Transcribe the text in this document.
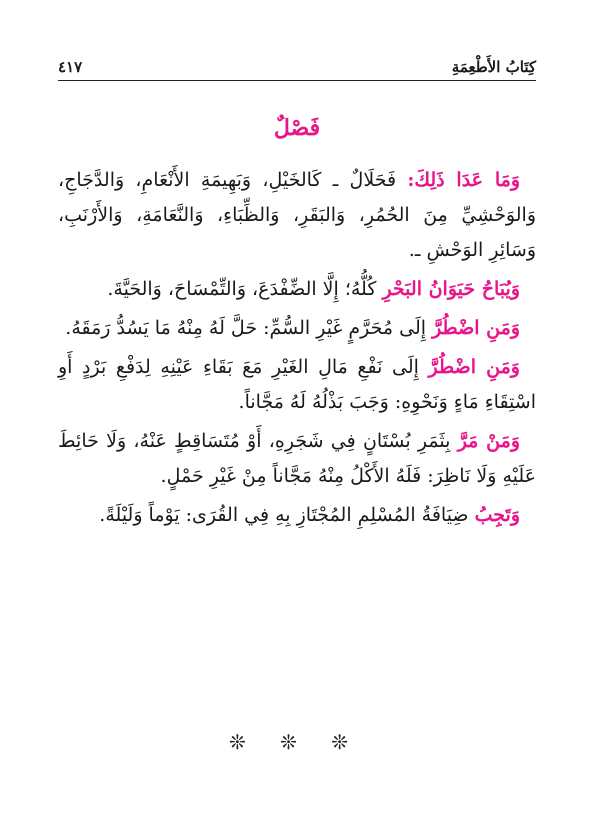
كِتَابُ الأَطْعِمَةِ
٤١٧
فَصْلٌ

وَمَا عَدَا ذَلِكَ: فَحَلَالٌ ـ كَالخَيْلِ، وَبَهِيمَةِ الأَنْعَامِ، وَالدَّجَاجِ، وَالوَحْشِيِّ مِنَ الحُمُرِ، وَالبَقَرِ، وَالظِّبَاءِ، وَالنَّعَامَةِ، وَالأَرْنَبِ، وَسَائِرِ الوَحْشِ ـ.

وَيُبَاحُ حَيَوَانُ البَحْرِ كُلُّهُ؛ إِلَّا الضِّفْدَعَ، وَالتِّمْسَاحَ، وَالحَيَّةَ.

وَمَنِ اضْطُرَّ إِلَى مُحَرَّمٍ غَيْرِ السُّمِّ: حَلَّ لَهُ مِنْهُ مَا يَسُدُّ رَمَقَهُ.

وَمَنِ اضْطُرَّ إِلَى نَفْعِ مَالِ الغَيْرِ مَعَ بَقَاءِ عَيْنِهِ لِدَفْعِ بَرْدٍ أَوِ اسْتِقَاءِ مَاءٍ وَنَحْوِهِ: وَجَبَ بَذْلُهُ لَهُ مَجَّاناً.

وَمَنْ مَرَّ بِثَمَرِ بُسْتَانٍ فِي شَجَرِهِ، أَوْ مُتَسَاقِطٍ عَنْهُ، وَلَا حَائِطَ عَلَيْهِ وَلَا نَاظِرَ: فَلَهُ الأَكْلُ مِنْهُ مَجَّاناً مِنْ غَيْرِ حَمْلٍ.

وَتَجِبُ ضِيَافَةُ المُسْلِمِ المُجْتَازِ بِهِ فِي القُرَى: يَوْماً وَلَيْلَةً.

❊ ❊ ❊
